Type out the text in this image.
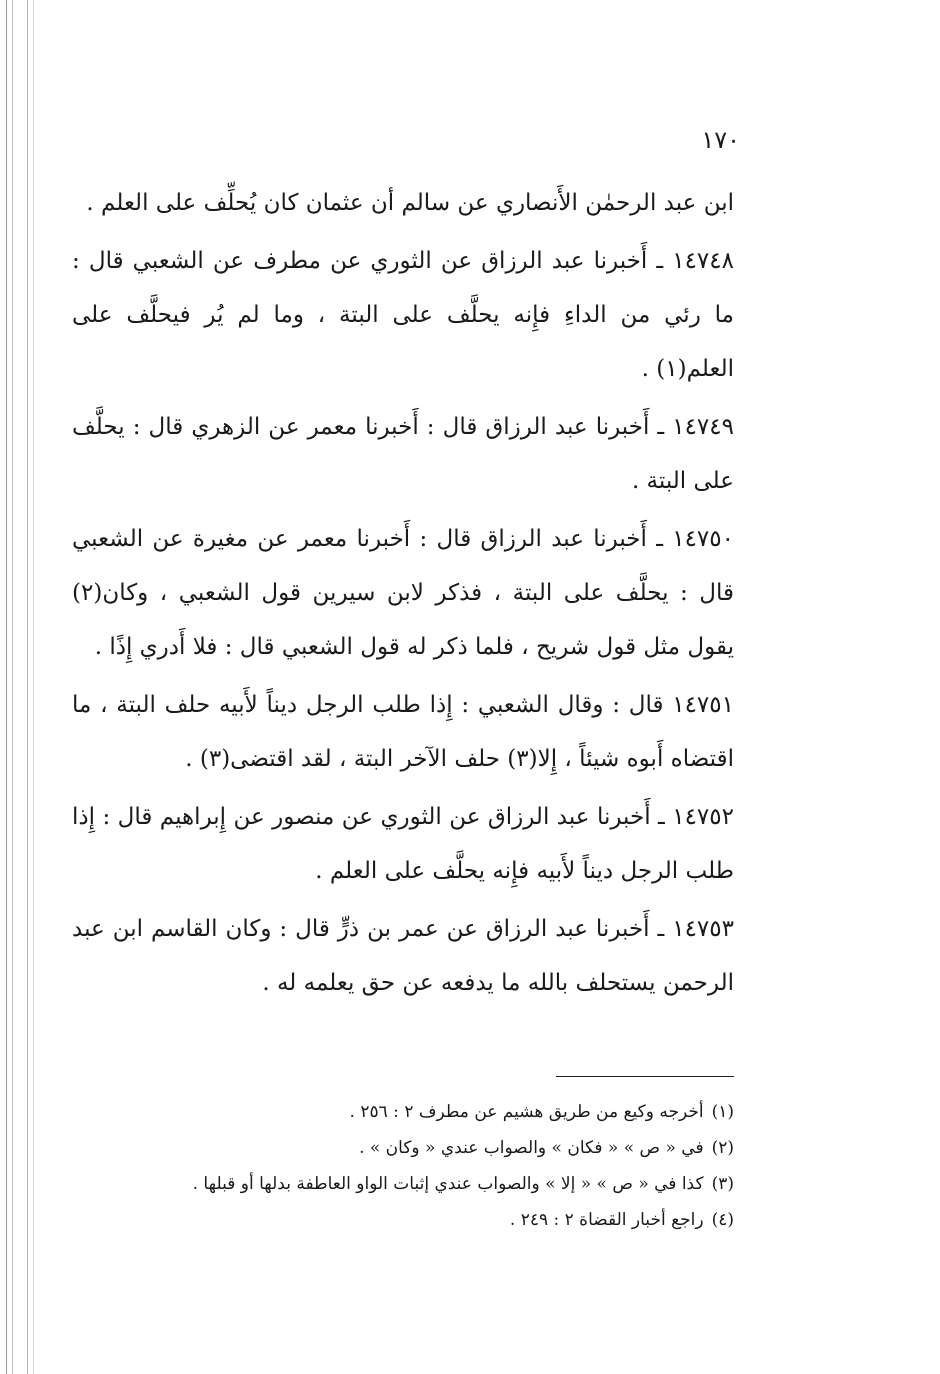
١٧٠

ابن عبد الرحمٰن الأَنصاري عن سالم أن عثمان كان يُحلِّف على العلم .

١٤٧٤٨ ـ أَخبرنا عبد الرزاق عن الثوري عن مطرف عن الشعبي قال : ما رئي من الداءِ فإِنه يحلَّف على البتة ، وما لم يُر فيحلَّف على العلم(١) .

١٤٧٤٩ ـ أَخبرنا عبد الرزاق قال : أَخبرنا معمر عن الزهري قال : يحلَّف على البتة .

١٤٧٥٠ ـ أَخبرنا عبد الرزاق قال : أَخبرنا معمر عن مغيرة عن الشعبي قال : يحلَّف على البتة ، فذكر لابن سيرين قول الشعبي ، وكان(٢) يقول مثل قول شريح ، فلما ذكر له قول الشعبي قال : فلا أَدري إِذًا .

١٤٧٥١ قال : وقال الشعبي : إِذا طلب الرجل ديناً لأَبيه حلف البتة ، ما اقتضاه أَبوه شيئاً ، إِلا(٣) حلف الآخر البتة ، لقد اقتضى(٣) .

١٤٧٥٢ ـ أَخبرنا عبد الرزاق عن الثوري عن منصور عن إِبراهيم قال : إِذا طلب الرجل ديناً لأَبيه فإِنه يحلَّف على العلم .

١٤٧٥٣ ـ أَخبرنا عبد الرزاق عن عمر بن ذرٍّ قال : وكان القاسم ابن عبد الرحمن يستحلف بالله ما يدفعه عن حق يعلمه له .

(١)أخرجه وكيع من طريق هشيم عن مطرف ٢ : ٢٥٦ .

(٢)في « ص » « فكان » والصواب عندي « وكان » .

(٣)كذا في « ص » « إلا » والصواب عندي إثبات الواو العاطفة بدلها أو قبلها .

(٤)راجع أخبار القضاة ٢ : ٢٤٩ .
